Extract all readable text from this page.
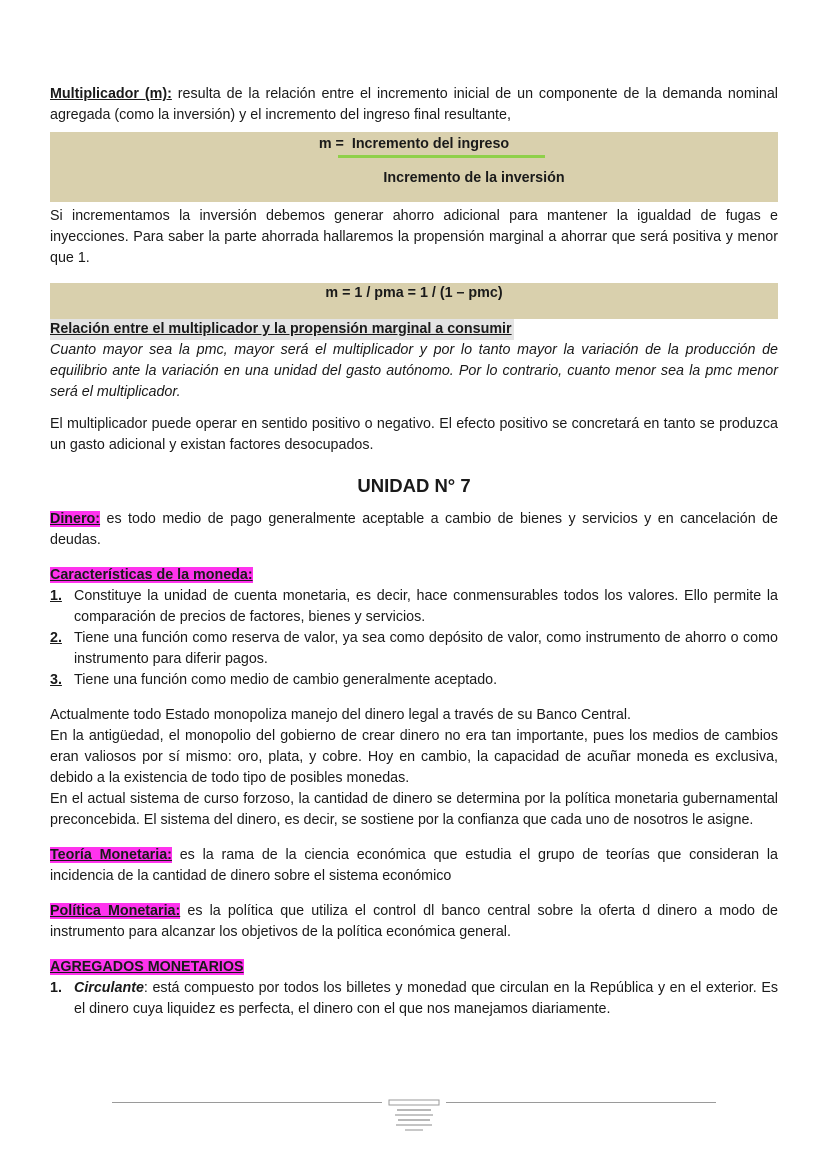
Multiplicador (m): resulta de la relación entre el incremento inicial de un componente de la demanda nominal agregada (como la inversión) y el incremento del ingreso final resultante,

m =  Incremento del ingreso
Incremento de la inversión

Si incrementamos la inversión debemos generar ahorro adicional para mantener la igualdad de fugas e inyecciones. Para saber la parte ahorrada hallaremos la propensión marginal a ahorrar que será positiva y menor que 1.

m = 1 / pma = 1 / (1 – pmc)
Relación entre el multiplicador y la propensión marginal a consumir

Cuanto mayor sea la pmc, mayor será el multiplicador y por lo tanto mayor la variación de la producción de equilibrio ante la variación en una unidad del gasto autónomo. Por lo contrario, cuanto menor sea la pmc menor será el multiplicador.

El multiplicador puede operar en sentido positivo o negativo. El efecto positivo se concretará en tanto se produzca un gasto adicional y existan factores desocupados.

UNIDAD N° 7

Dinero: es todo medio de pago generalmente aceptable a cambio de bienes y servicios y en cancelación de deudas.

Características de la moneda:
1. Constituye la unidad de cuenta monetaria, es decir, hace conmensurables todos los valores. Ello permite la comparación de precios de factores, bienes y servicios.
2. Tiene una función como reserva de valor, ya sea como depósito de valor, como instrumento de ahorro o como instrumento para diferir pagos.
3. Tiene una función como medio de cambio generalmente aceptado.

Actualmente todo Estado monopoliza manejo del dinero legal a través de su Banco Central.

En la antigüedad, el monopolio del gobierno de crear dinero no era tan importante, pues los medios de cambios eran valiosos por sí mismo: oro, plata, y cobre. Hoy en cambio, la capacidad de acuñar moneda es exclusiva, debido a la existencia de todo tipo de posibles monedas.

En el actual sistema de curso forzoso, la cantidad de dinero se determina por la política monetaria gubernamental preconcebida. El sistema del dinero, es decir, se sostiene por la confianza que cada uno de nosotros le asigne.

Teoría Monetaria: es la rama de la ciencia económica que estudia el grupo de teorías que consideran la incidencia de la cantidad de dinero sobre el sistema económico

Política Monetaria: es la política que utiliza el control dl banco central sobre la oferta d dinero a modo de instrumento para alcanzar los objetivos de la política económica general.

AGREGADOS MONETARIOS
1. Circulante: está compuesto por todos los billetes y monedad que circulan en la República y en el exterior. Es el dinero cuya liquidez es perfecta, el dinero con el que nos manejamos diariamente.
